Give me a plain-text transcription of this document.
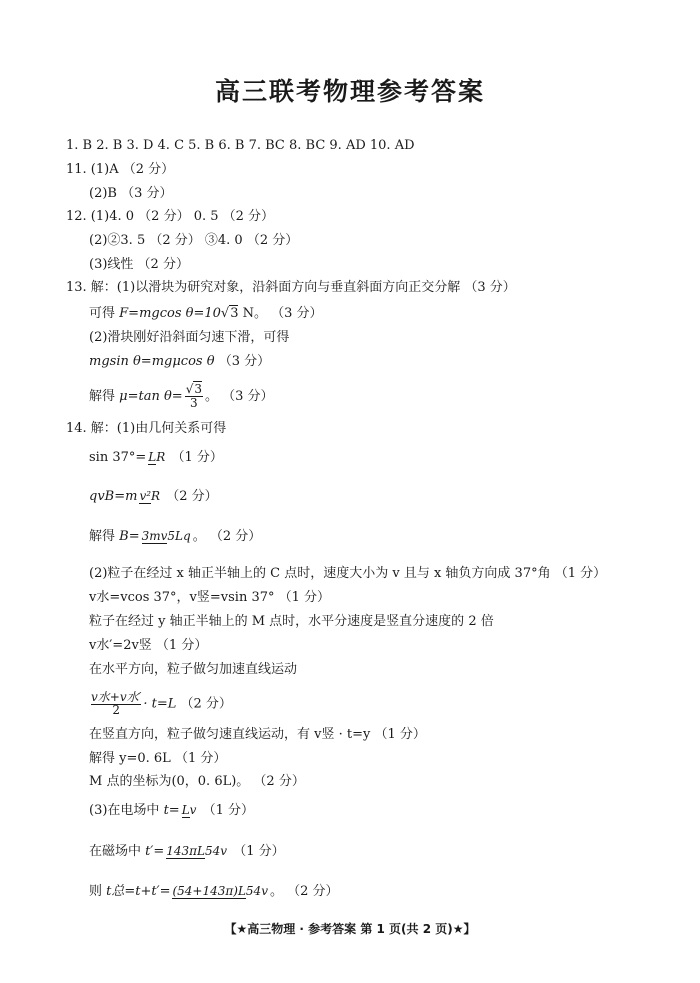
高三联考物理参考答案
1. B 2. B 3. D 4. C 5. B 6. B 7. BC 8. BC 9. AD 10. AD
11. (1)A （2 分）
(2)B （3 分）
12. (1)4. 0 （2 分） 0. 5 （2 分）
(2)②3. 5 （2 分） ③4. 0 （2 分）
(3)线性 （2 分）
13. 解：(1)以滑块为研究对象，沿斜面方向与垂直斜面方向正交分解 （3 分）
可得 F=mgcos θ=10√3 N。 （3 分）
(2)滑块刚好沿斜面匀速下滑，可得
mgsin θ=mgμcos θ （3 分）
解得 μ=tan $\theta= \frac{√3}{3}$ 。 （3 分）
14. 解：(1)由几何关系可得
sin 37°= LR （1 分）
qvB=m v²R （2 分）
解得 B= 3mv5Lq 。 （2 分）
(2)粒子在经过 x 轴正半轴上的 C 点时，速度大小为 v 且与 x 轴负方向成 37°角 （1 分）
v水=vcos 37°，v竖=vsin 37° （1 分）
粒子在经过 y 轴正半轴上的 M 点时，水平分速度是竖直分速度的 2 倍
v水′=2v竖 （1 分）
在水平方向，粒子做匀加速直线运动
$\frac{\text{v水+v水′}}{2} \cdot t=L$ （2 分）
在竖直方向，粒子做匀速直线运动，有 v竖 · t=y （1 分）
解得 y=0. 6L （1 分）
M 点的坐标为(0，0. 6L)。 （2 分）
(3)在电场中 t= Lv （1 分）
在磁场中 t′= 143πL54v （1 分）
则 t总=t+t′= (54+143π)L54v 。 （2 分）
【★高三物理 · 参考答案 第 1 页(共 2 页)★】
